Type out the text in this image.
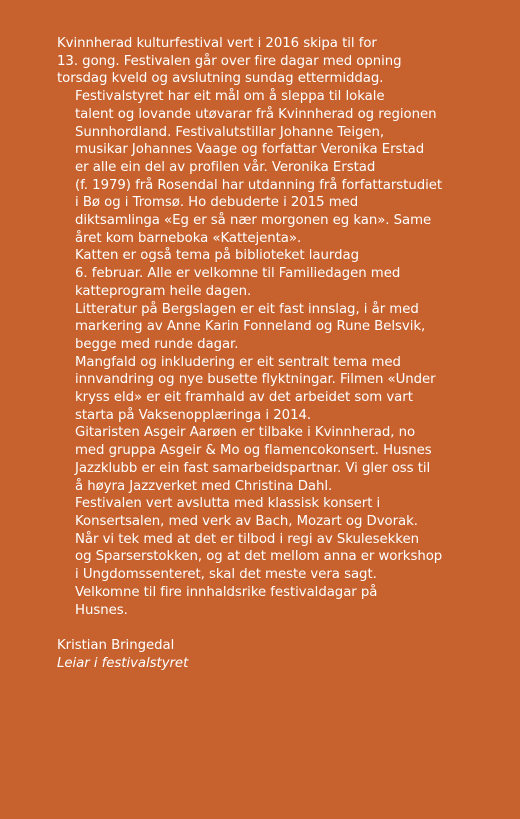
Kvinnherad kulturfestival vert i 2016 skipa til for
13. gong. Festivalen går over fire dagar med opning
torsdag kveld og avslutning sundag ettermiddag.

Festivalstyret har eit mål om å sleppa til lokale
talent og lovande utøvarar frå Kvinnherad og regionen
Sunnhordland. Festivalutstillar Johanne Teigen,
musikar Johannes Vaage og forfattar Veronika Erstad
er alle ein del av profilen vår. Veronika Erstad
(f. 1979) frå Rosendal har utdanning frå forfattarstudiet
i Bø og i Tromsø. Ho debuderte i 2015 med
diktsamlinga «Eg er så nær morgonen eg kan». Same
året kom barneboka «Kattejenta».

Katten er også tema på biblioteket laurdag
6. februar. Alle er velkomne til Familiedagen med
katteprogram heile dagen.

Litteratur på Bergslagen er eit fast innslag, i år med
markering av Anne Karin Fonneland og Rune Belsvik,
begge med runde dagar.

Mangfald og inkludering er eit sentralt tema med
innvandring og nye busette flyktningar. Filmen «Under
kryss eld» er eit framhald av det arbeidet som vart
starta på Vaksenopplæringa i 2014.

Gitaristen Asgeir Aarøen er tilbake i Kvinnherad, no
med gruppa Asgeir & Mo og flamencokonsert. Husnes
Jazzklubb er ein fast samarbeidspartnar. Vi gler oss til
å høyra Jazzverket med Christina Dahl.

Festivalen vert avslutta med klassisk konsert i
Konsertsalen, med verk av Bach, Mozart og Dvorak.

Når vi tek med at det er tilbod i regi av Skulesekken
og Sparserstokken, og at det mellom anna er workshop
i Ungdomssenteret, skal det meste vera sagt.

Velkomne til fire innhaldsrike festivaldagar på
Husnes.

Kristian Bringedal
Leiar i festivalstyret
